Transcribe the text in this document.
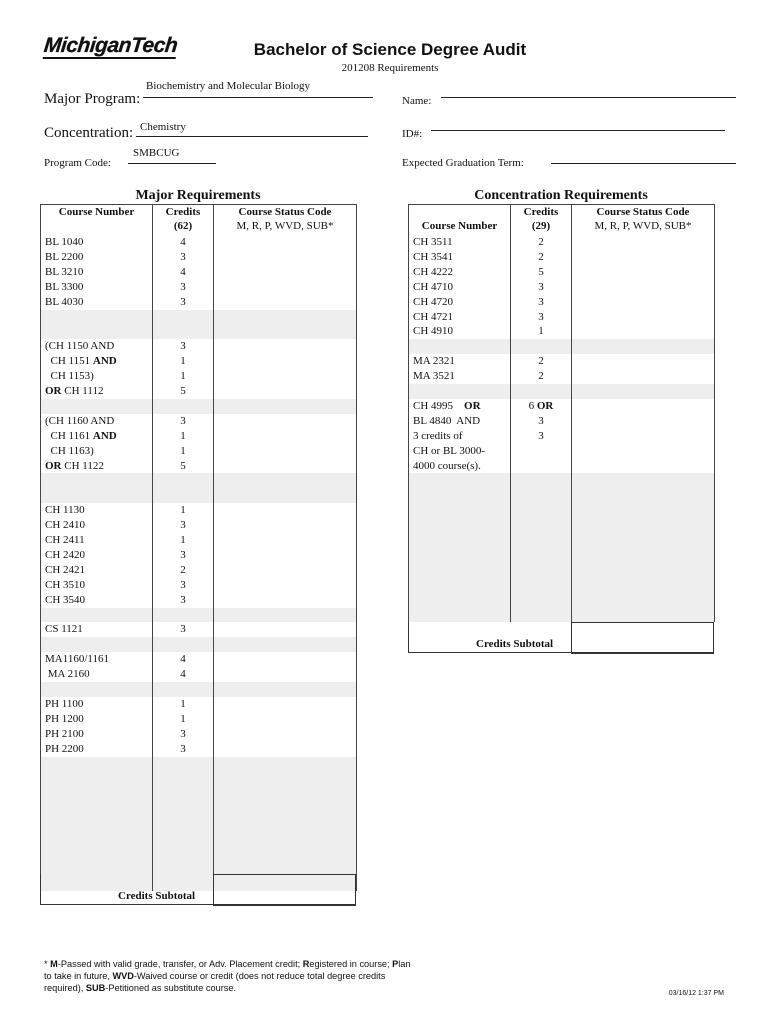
MichiganTech	Bachelor of Science Degree Audit
201208 Requirements
Major Program:
Biochemistry and Molecular Biology
Concentration: Chemistry
Program Code:
SMBCUG
Name:
ID#:
Expected Graduation Term:
Major Requirements	Concentration Requirements
Course Number	Credits	Course Status Code
	(62)	M, R, P, WVD, SUB*
BL 1040	4	
BL 2200	3	
BL 3210	4	
BL 3300	3	
BL 4030	3	

(CH 1150 AND	3	
CH 1151 AND	1	
CH 1153)	1	
OR CH 1112	5	

(CH 1160 AND	3	
CH 1161 AND	1	
CH 1163)	1	
OR CH 1122	5	

CH 1130	1	
CH 2410	3	
CH 2411	1	
CH 2420	3	
CH 2421	2	
CH 3510	3	
CH 3540	3	

CS 1121	3	

MA1160/1161	4	
MA 2160	4	

PH 1100	1	
PH 1200	1	
PH 2100	3	
PH 2200	3	

Credits Subtotal
	Credits	Course Status Code
Course Number	(29)	M, R, P, WVD, SUB*
CH 3511	2	
CH 3541	2	
CH 4222	5	
CH 4710	3	
CH 4720	3	
CH 4721	3	
CH 4910	1	

MA 2321	2	
MA 3521	2	

CH 4995    OR	6 OR	
BL 4840  AND	3	
3 credits of	3	
CH or BL 3000-		
4000 course(s).		

Credits Subtotal
* M-Passed with valid grade, transfer, or Adv. Placement credit; Registered in course; Plan to take in future, WVD-Waived course or credit (does not reduce total degree credits required), SUB-Petitioned as substitute course.
03/16/12 1:37 PM
